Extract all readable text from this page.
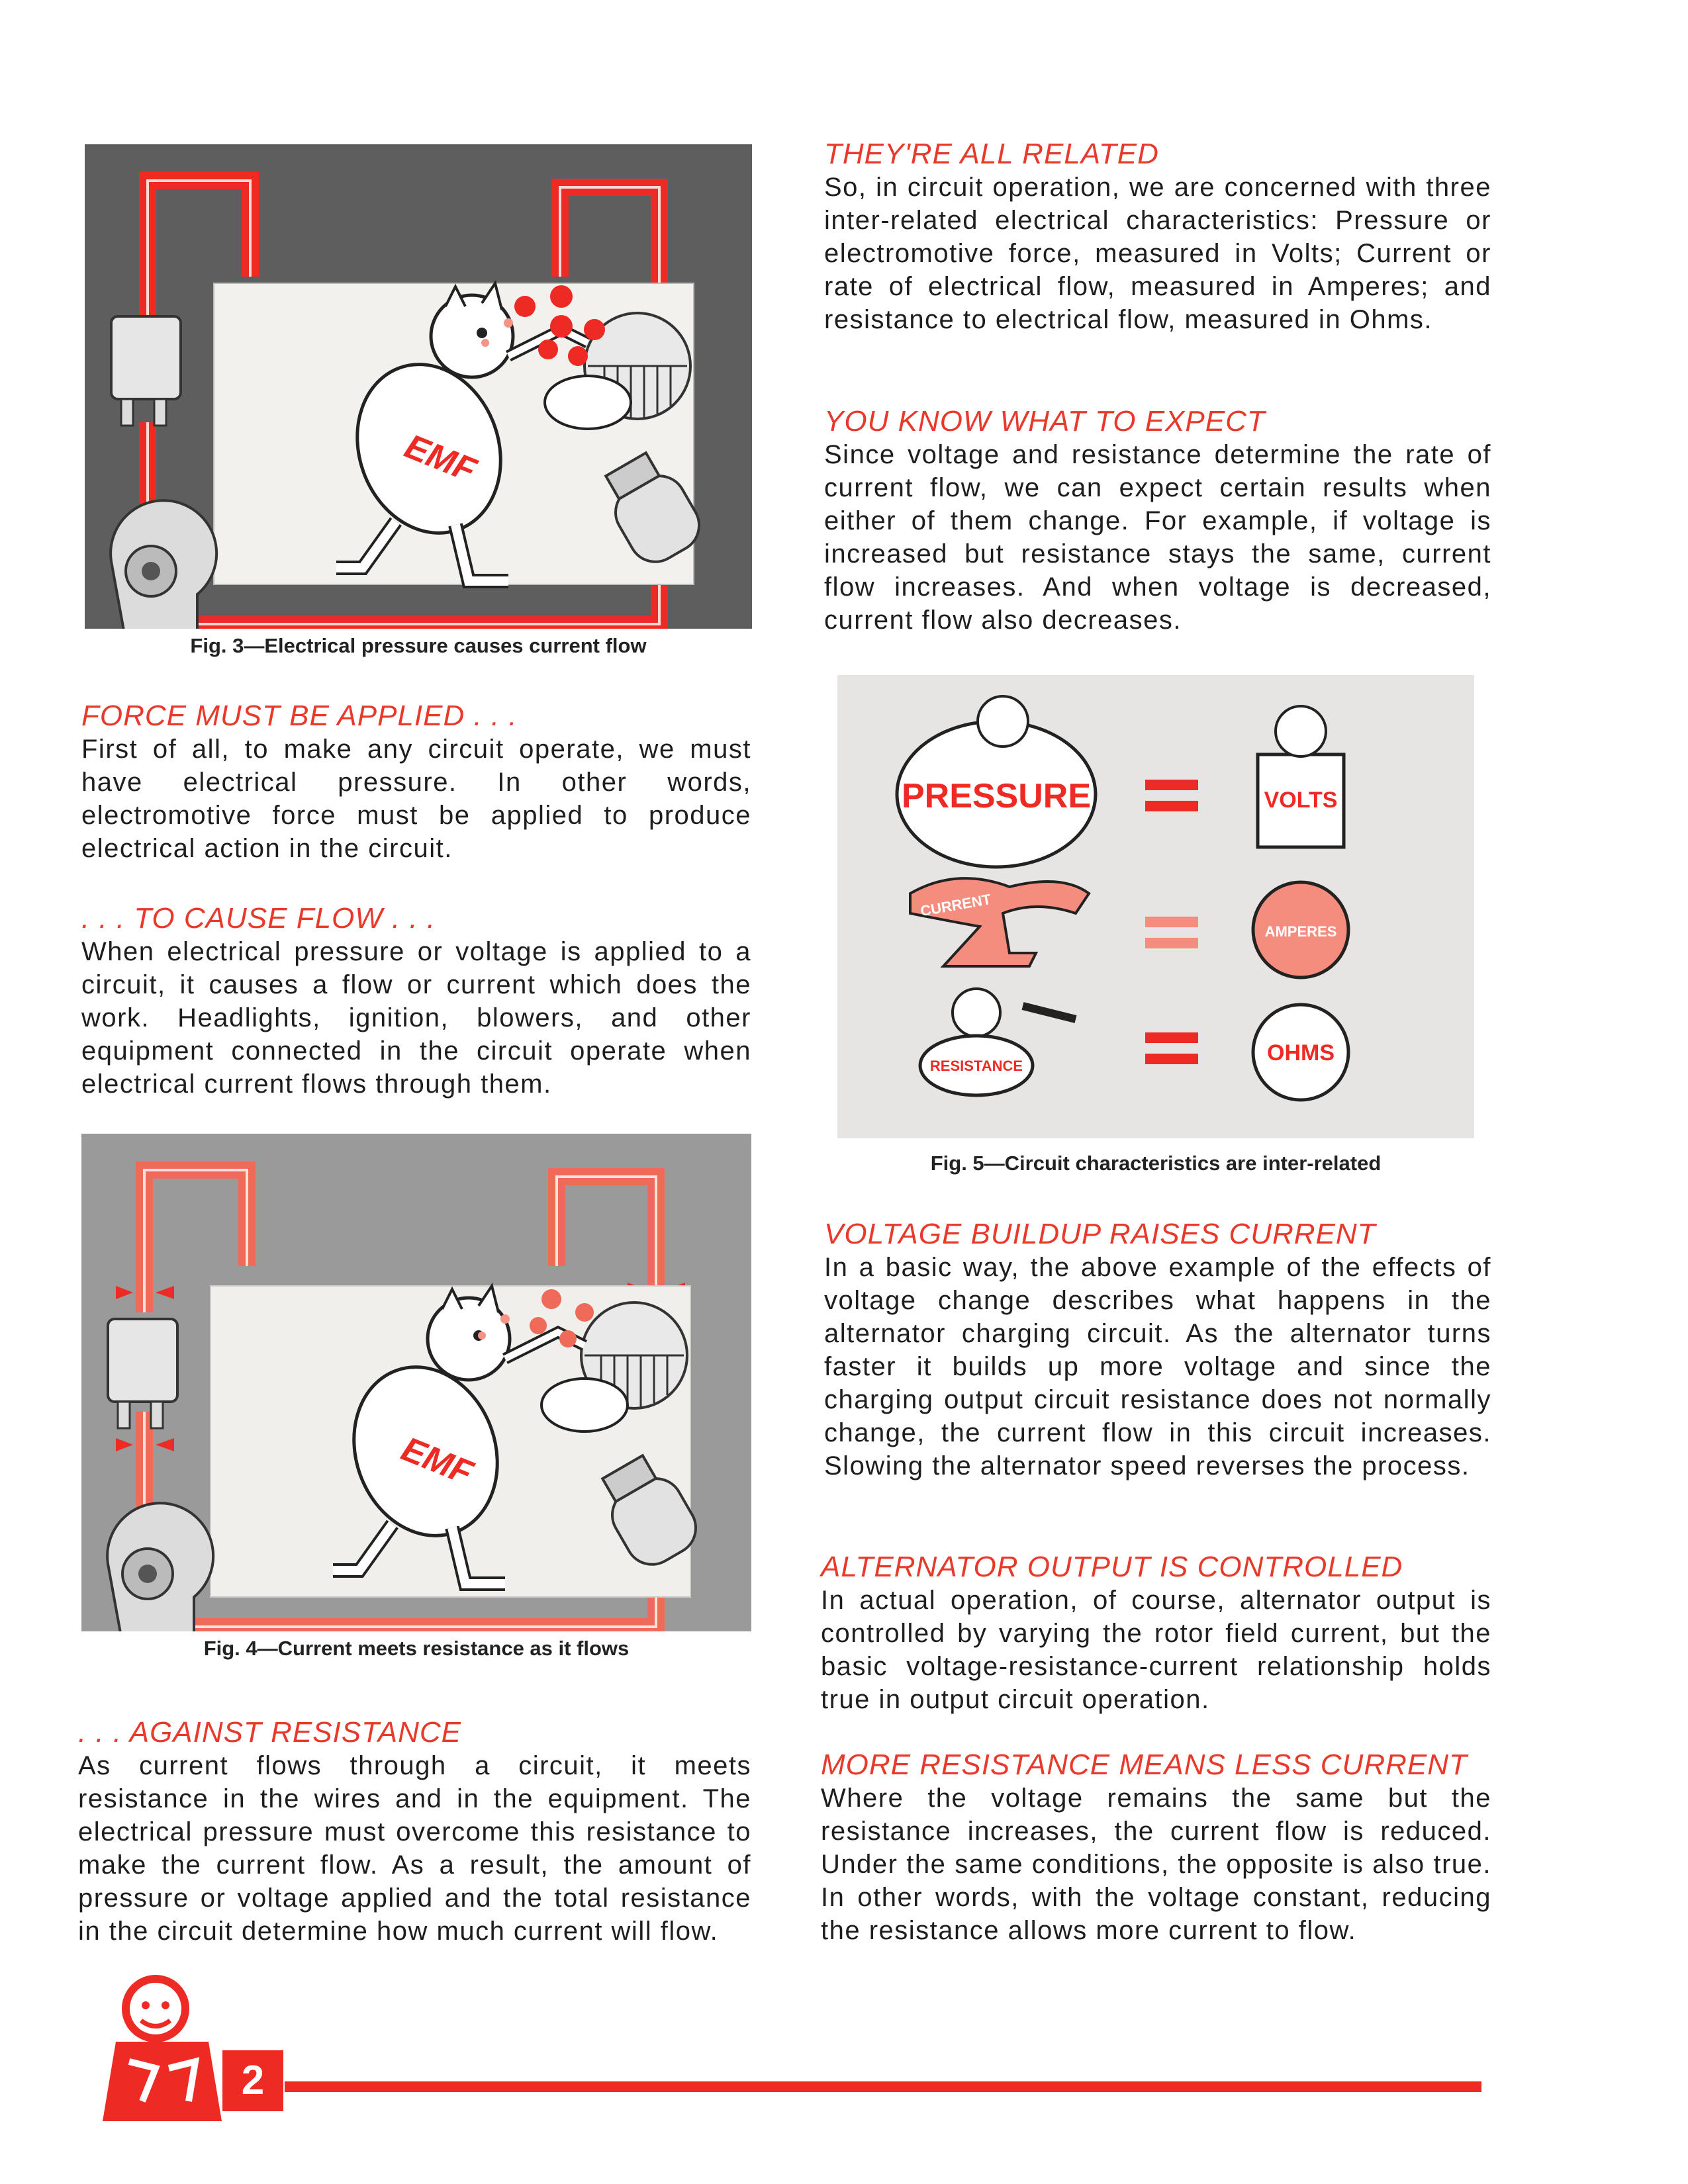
EMF
Fig. 3—Electrical pressure causes current flow
EMF
Fig. 4—Current meets resistance as it flows
PRESSURE	VOLTS
CURRENT
AMPERES
RESISTANCE
OHMS
Fig. 5—Circuit characteristics are inter-related
FORCE MUST BE APPLIED . . .

First of all, to make any circuit operate, we must have electrical pressure. In other words, electromotive force must be applied to produce electrical action in the circuit.

. . . TO CAUSE FLOW . . .

When electrical pressure or voltage is applied to a circuit, it causes a flow or current which does the work. Headlights, ignition, blowers, and other equipment connected in the circuit operate when electrical current flows through them.

. . . AGAINST RESISTANCE

As current flows through a circuit, it meets resistance in the wires and in the equipment. The electrical pressure must overcome this resistance to make the current flow. As a result, the amount of pressure or voltage applied and the total resistance in the circuit determine how much current will flow.

THEY'RE ALL RELATED

So, in circuit operation, we are concerned with three inter-related electrical characteristics: Pressure or electromotive force, measured in Volts; Current or rate of electrical flow, measured in Amperes; and resistance to electrical flow, measured in Ohms.

YOU KNOW WHAT TO EXPECT

Since voltage and resistance determine the rate of current flow, we can expect certain results when either of them change. For example, if voltage is increased but resistance stays the same, current flow increases. And when voltage is decreased, current flow also decreases.

VOLTAGE BUILDUP RAISES CURRENT

In a basic way, the above example of the effects of voltage change describes what happens in the alternator charging circuit. As the alternator turns faster it builds up more voltage and since the charging output circuit resistance does not normally change, the current flow in this circuit increases. Slowing the alternator speed reverses the process.

ALTERNATOR OUTPUT IS CONTROLLED

In actual operation, of course, alternator output is controlled by varying the rotor field current, but the basic voltage-resistance-current relationship holds true in output circuit operation.

MORE RESISTANCE MEANS LESS CURRENT

Where the voltage remains the same but the resistance increases, the current flow is reduced. Under the same conditions, the opposite is also true. In other words, with the voltage constant, reducing the resistance allows more current to flow.

2
